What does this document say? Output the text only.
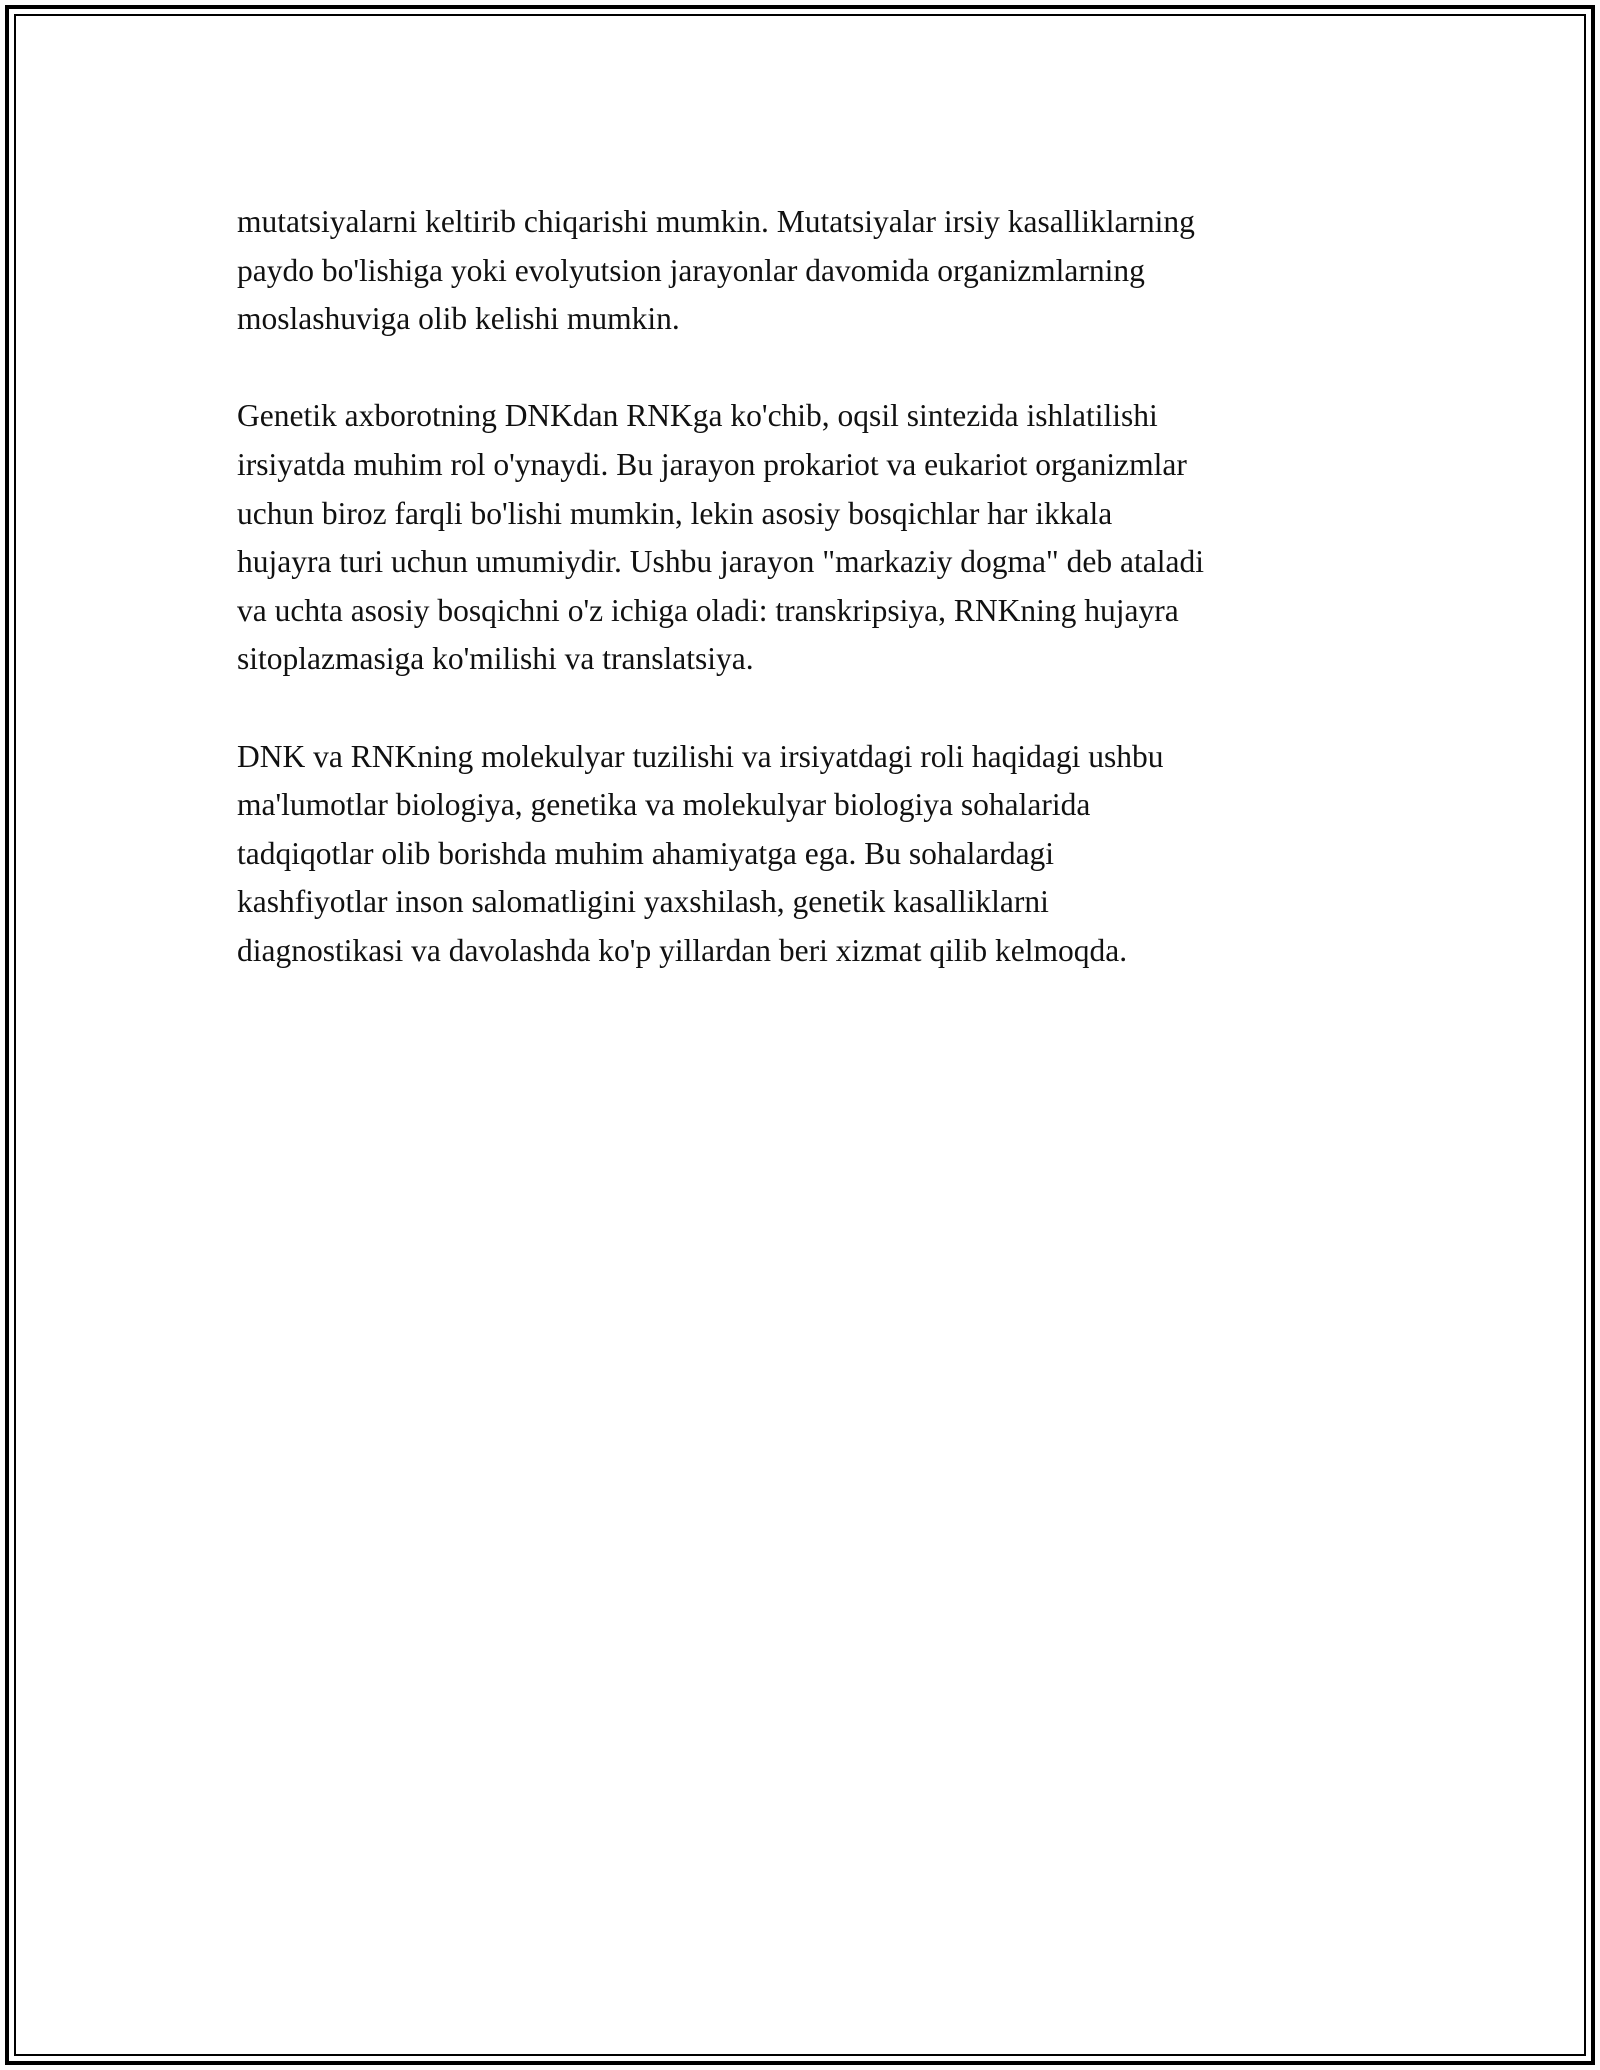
mutatsiyalarni keltirib chiqarishi mumkin. Mutatsiyalar irsiy kasalliklarning
paydo bo'lishiga yoki evolyutsion jarayonlar davomida organizmlarning
moslashuviga olib kelishi mumkin.

Genetik axborotning DNKdan RNKga ko'chib, oqsil sintezida ishlatilishi
irsiyatda muhim rol o'ynaydi. Bu jarayon prokariot va eukariot organizmlar
uchun biroz farqli bo'lishi mumkin, lekin asosiy bosqichlar har ikkala
hujayra turi uchun umumiydir. Ushbu jarayon "markaziy dogma" deb ataladi
va uchta asosiy bosqichni o'z ichiga oladi: transkripsiya, RNKning hujayra
sitoplazmasiga ko'milishi va translatsiya.

DNK va RNKning molekulyar tuzilishi va irsiyatdagi roli haqidagi ushbu
ma'lumotlar biologiya, genetika va molekulyar biologiya sohalarida
tadqiqotlar olib borishda muhim ahamiyatga ega. Bu sohalardagi
kashfiyotlar inson salomatligini yaxshilash, genetik kasalliklarni
diagnostikasi va davolashda ko'p yillardan beri xizmat qilib kelmoqda.
